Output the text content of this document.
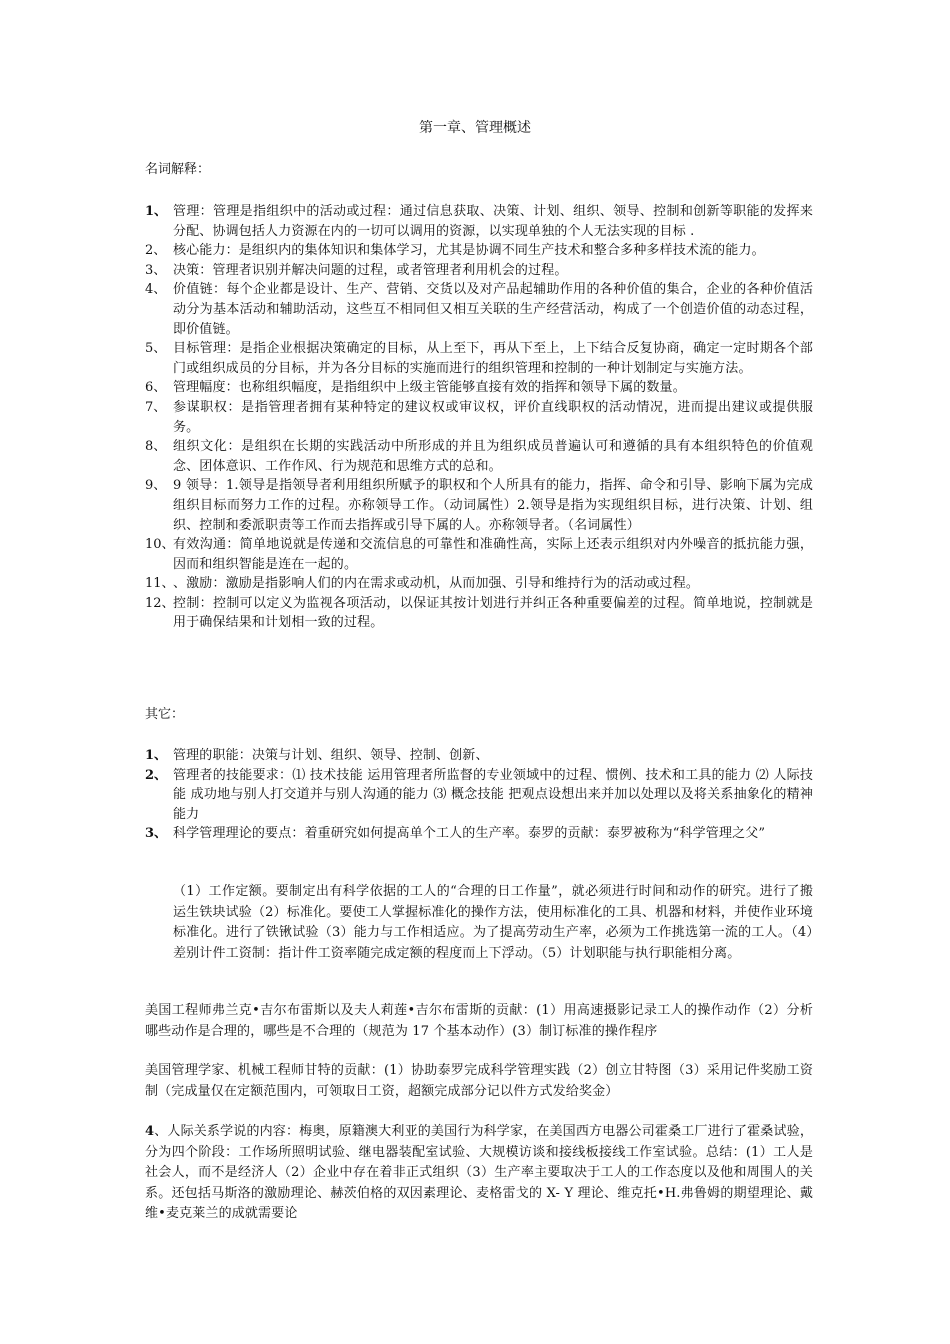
第一章、管理概述
名词解释：
1、 管理：管理是指组织中的活动或过程：通过信息获取、决策、计划、组织、领导、控制和创新等职能的发挥来分配、协调包括人力资源在内的一切可以调用的资源，以实现单独的个人无法实现的目标 .
2、 核心能力：是组织内的集体知识和集体学习，尤其是协调不同生产技术和整合多种多样技术流的能力。
3、 决策：管理者识别并解决问题的过程，或者管理者利用机会的过程。
4、 价值链：每个企业都是设计、生产、营销、交货以及对产品起辅助作用的各种价值的集合，企业的各种价值活动分为基本活动和辅助活动，这些互不相同但又相互关联的生产经营活动，构成了一个创造价值的动态过程，即价值链。
5、 目标管理：是指企业根据决策确定的目标，从上至下，再从下至上，上下结合反复协商，确定一定时期各个部门或组织成员的分目标，并为各分目标的实施而进行的组织管理和控制的一种计划制定与实施方法。
6、 管理幅度：也称组织幅度，是指组织中上级主管能够直接有效的指挥和领导下属的数量。
7、 参谋职权：是指管理者拥有某种特定的建议权或审议权，评价直线职权的活动情况，进而提出建议或提供服务。
8、 组织文化：是组织在长期的实践活动中所形成的并且为组织成员普遍认可和遵循的具有本组织特色的价值观念、团体意识、工作作风、行为规范和思维方式的总和。
9、 9 领导：1.领导是指领导者利用组织所赋予的职权和个人所具有的能力，指挥、命令和引导、影响下属为完成组织目标而努力工作的过程。亦称领导工作。（动词属性）2.领导是指为实现组织目标，进行决策、计划、组织、控制和委派职责等工作而去指挥或引导下属的人。亦称领导者。（名词属性）
10、
有效沟通：简单地说就是传递和交流信息的可靠性和准确性高，实际上还表示组织对内外噪音的抵抗能力强，因而和组织智能是连在一起的。
11、
、激励：激励是指影响人们的内在需求或动机，从而加强、引导和维持行为的活动或过程。
12、
控制：控制可以定义为监视各项活动，以保证其按计划进行并纠正各种重要偏差的过程。简单地说，控制就是用于确保结果和计划相一致的过程。
其它：
1、 管理的职能：决策与计划、组织、领导、控制、创新、
2、 管理者的技能要求：⑴ 技术技能 运用管理者所监督的专业领域中的过程、惯例、技术和工具的能力 ⑵ 人际技能 成功地与别人打交道并与别人沟通的能力 ⑶ 概念技能 把观点设想出来并加以处理以及将关系抽象化的精神能力
3、 科学管理理论的要点：着重研究如何提高单个工人的生产率。泰罗的贡献：泰罗被称为“科学管理之父”
（1）工作定额。要制定出有科学依据的工人的“合理的日工作量”，就必须进行时间和动作的研究。进行了搬运生铁块试验（2）标准化。要使工人掌握标准化的操作方法，使用标准化的工具、机器和材料，并使作业环境标准化。进行了铁锹试验（3）能力与工作相适应。为了提高劳动生产率，必须为工作挑选第一流的工人。（4）差别计件工资制：指计件工资率随完成定额的程度而上下浮动。（5）计划职能与执行职能相分离。
美国工程师弗兰克•吉尔布雷斯以及夫人莉莲•吉尔布雷斯的贡献：(1）用高速摄影记录工人的操作动作（2）分析哪些动作是合理的，哪些是不合理的（规范为 17 个基本动作）(3）制订标准的操作程序
美国管理学家、机械工程师甘特的贡献：(1）协助泰罗完成科学管理实践（2）创立甘特图（3）采用记件奖励工资制（完成量仅在定额范围内，可领取日工资，超额完成部分记以件方式发给奖金）
4、人际关系学说的内容：梅奥，原籍澳大利亚的美国行为科学家，在美国西方电器公司霍桑工厂进行了霍桑试验，分为四个阶段：工作场所照明试验、继电器装配室试验、大规模访谈和接线板接线工作室试验。总结：(1）工人是社会人，而不是经济人（2）企业中存在着非正式组织（3）生产率主要取决于工人的工作态度以及他和周围人的关系。还包括马斯洛的激励理论、赫茨伯格的双因素理论、麦格雷戈的 X- Y 理论、维克托•H.弗鲁姆的期望理论、戴维•麦克莱兰的成就需要论
